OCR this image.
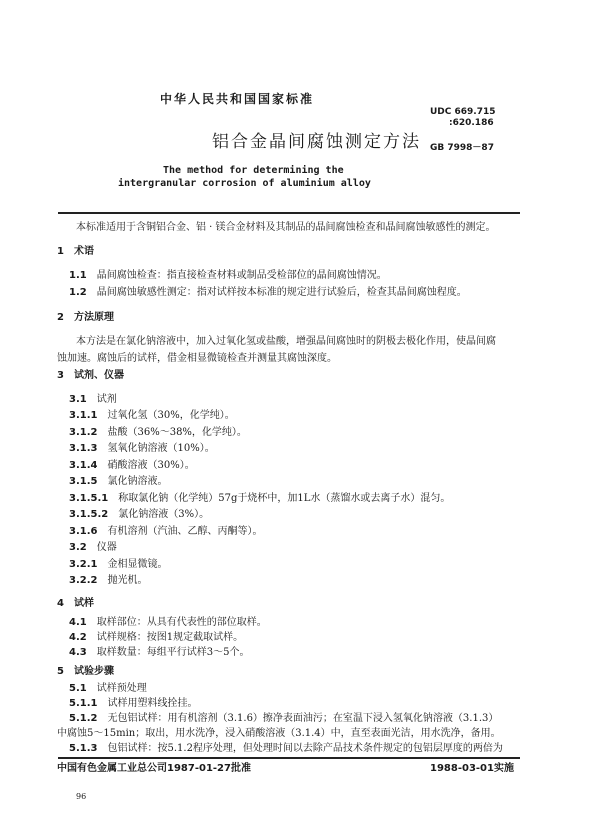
中华人民共和国国家标准
UDC 669.715
:620.186
铝合金晶间腐蚀测定方法 GB 7998－87
The method for determining the
intergranular corrosion of aluminium alloy
本标准适用于含铜铝合金、铝 · 镁合金材料及其制品的晶间腐蚀检查和晶间腐蚀敏感性的测定。
1 术语
1.1 晶间腐蚀检查：指直接检查材料或制品受检部位的晶间腐蚀情况。
1.2 晶间腐蚀敏感性测定：指对试样按本标准的规定进行试验后，检查其晶间腐蚀程度。
2 方法原理
本方法是在氯化钠溶液中，加入过氧化氢或盐酸，增强晶间腐蚀时的阴极去极化作用，使晶间腐
蚀加速。腐蚀后的试样，借金相显微镜检查并测量其腐蚀深度。
3 试剂、仪器
3.1 试剂
3.1.1 过氧化氢（30%，化学纯）。
3.1.2 盐酸（36%～38%，化学纯）。
3.1.3 氢氧化钠溶液（10%）。
3.1.4 硝酸溶液（30%）。
3.1.5 氯化钠溶液。
3.1.5.1 称取氯化钠（化学纯）57g于烧杯中，加1L水（蒸馏水或去离子水）混匀。
3.1.5.2 氯化钠溶液（3%）。
3.1.6 有机溶剂（汽油、乙醇、丙酮等）。
3.2 仪器
3.2.1 金相显微镜。
3.2.2 抛光机。
4 试样
4.1 取样部位：从具有代表性的部位取样。
4.2 试样规格：按图1规定截取试样。
4.3 取样数量：每组平行试样3～5个。
5 试验步骤
5.1 试样预处理
5.1.1 试样用塑料线拴挂。
5.1.2 无包铝试样：用有机溶剂（3.1.6）擦净表面油污；在室温下浸入氢氧化钠溶液（3.1.3）
中腐蚀5～15min；取出，用水洗净，浸入硝酸溶液（3.1.4）中，直至表面光洁，用水洗净，备用。
5.1.3 包铝试样：按5.1.2程序处理，但处理时间以去除产品技术条件规定的包铝层厚度的两倍为
中国有色金属工业总公司1987-01-27批准	1988-03-01实施
96
